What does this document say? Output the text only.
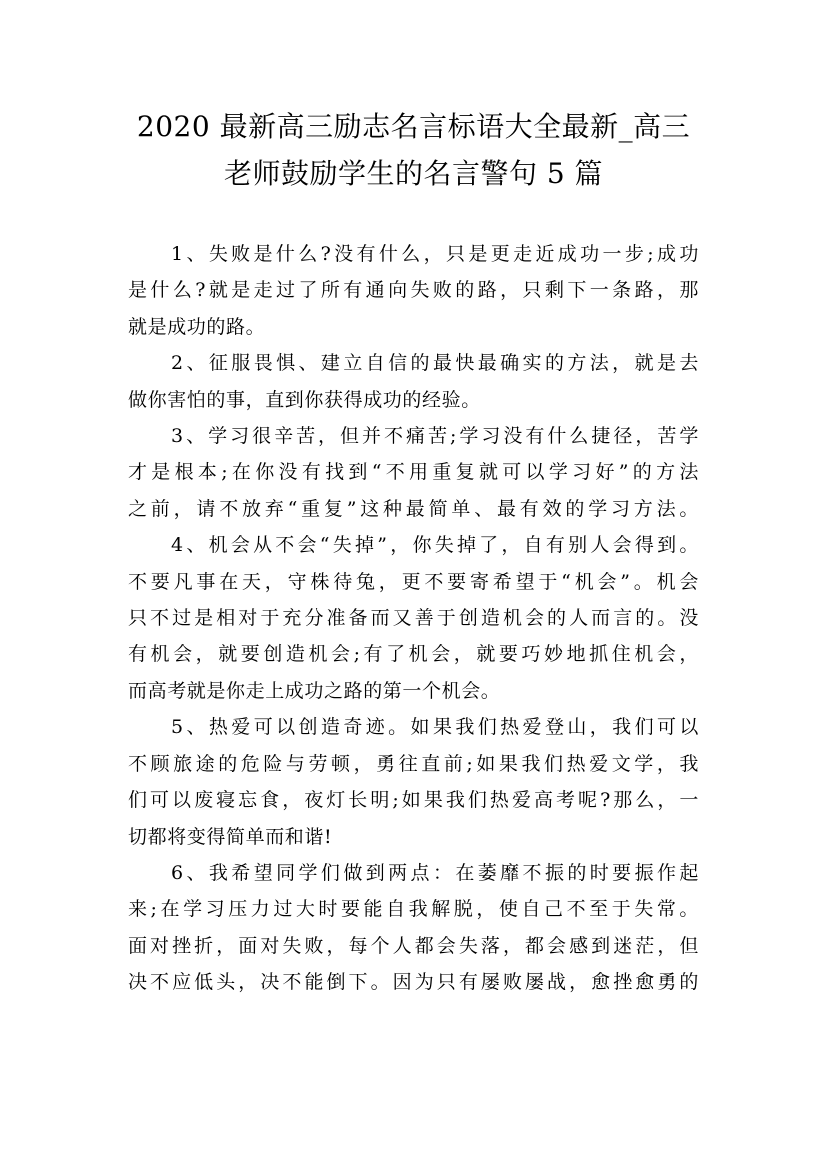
2020 最新高三励志名言标语大全最新_高三
老师鼓励学生的名言警句 5 篇

1、失败是什么?没有什么，只是更走近成功一步;成功
是什么?就是走过了所有通向失败的路，只剩下一条路，那
就是成功的路。

2、征服畏惧、建立自信的最快最确实的方法，就是去
做你害怕的事，直到你获得成功的经验。

3、学习很辛苦，但并不痛苦;学习没有什么捷径，苦学
才是根本;在你没有找到“不用重复就可以学习好”的方法
之前，请不放弃“重复”这种最简单、最有效的学习方法。

4、机会从不会“失掉”，你失掉了，自有别人会得到。
不要凡事在天，守株待兔，更不要寄希望于“机会”。机会
只不过是相对于充分准备而又善于创造机会的人而言的。没
有机会，就要创造机会;有了机会，就要巧妙地抓住机会，
而高考就是你走上成功之路的第一个机会。

5、热爱可以创造奇迹。如果我们热爱登山，我们可以
不顾旅途的危险与劳顿，勇往直前;如果我们热爱文学，我
们可以废寝忘食，夜灯长明;如果我们热爱高考呢?那么，一
切都将变得简单而和谐!

6、我希望同学们做到两点：在萎靡不振的时要振作起
来;在学习压力过大时要能自我解脱，使自己不至于失常。
面对挫折，面对失败，每个人都会失落，都会感到迷茫，但
决不应低头，决不能倒下。因为只有屡败屡战，愈挫愈勇的
